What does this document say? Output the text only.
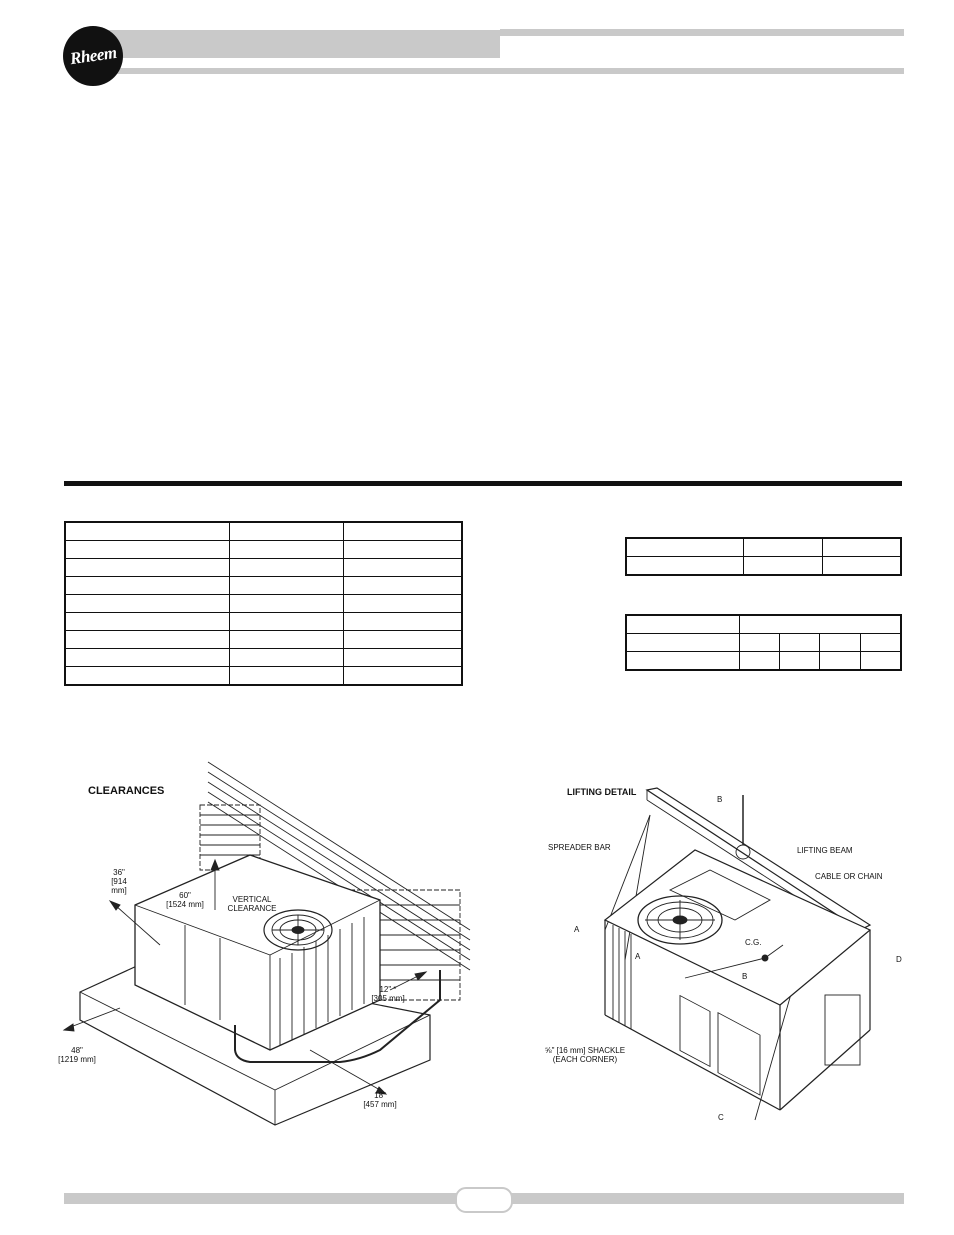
Rheem

CLEARANCES
36"
[914 mm]
60"
[1524 mm]
VERTICAL
CLEARANCE
12" *
[305 mm]
48"
[1219 mm]
18"
[457 mm]
LIFTING DETAIL
B
SPREADER BAR	LIFTING BEAM
CABLE OR CHAIN
A
A
C.G.
B
D
⅝" [16 mm] SHACKLE
(EACH CORNER)
C
